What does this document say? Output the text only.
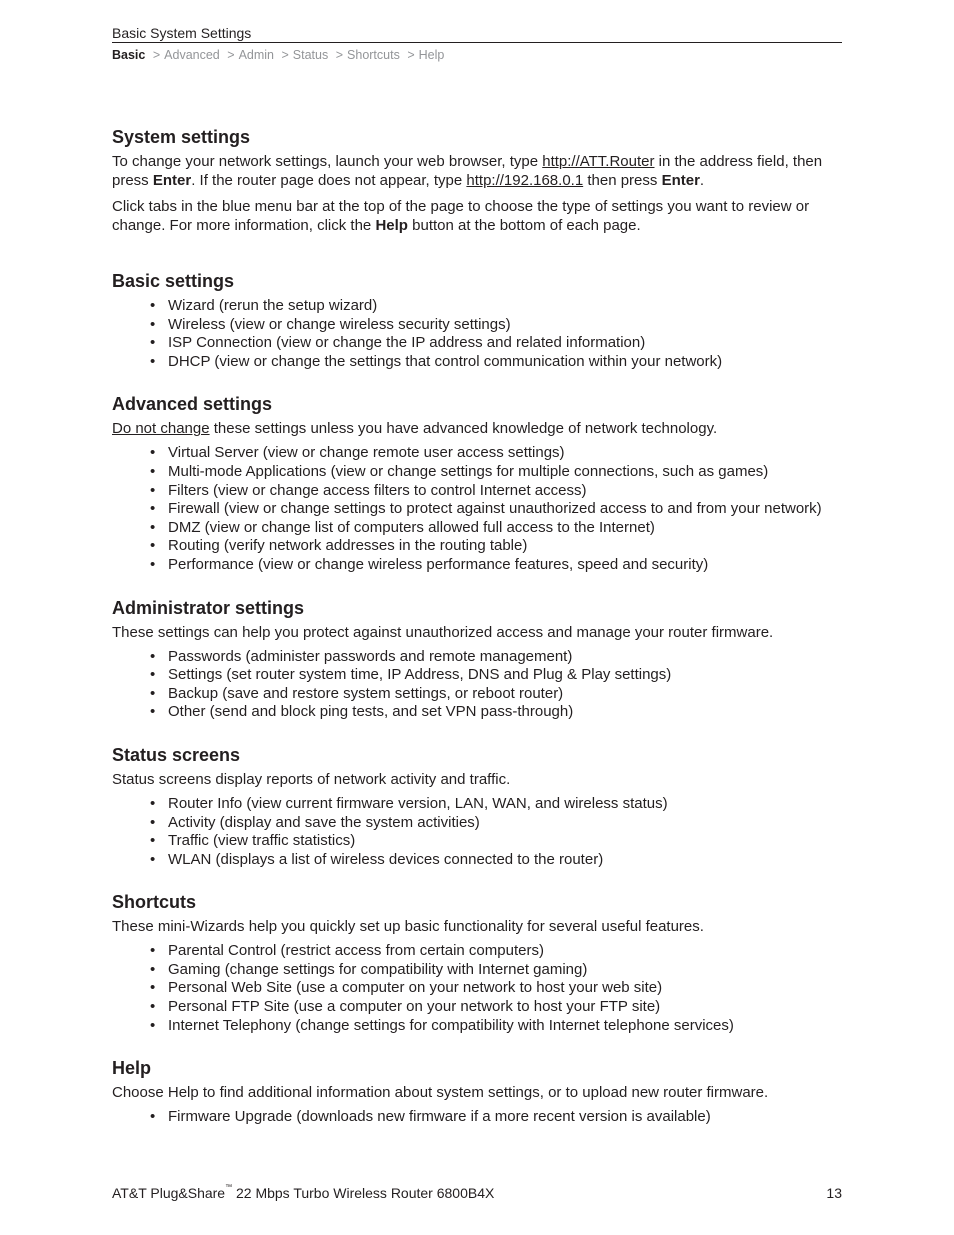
Basic System Settings
Basic > Advanced > Admin > Status > Shortcuts > Help
System settings

To change your network settings, launch your web browser, type http://ATT.Router in the address field, then press Enter. If the router page does not appear, type http://192.168.0.1 then press Enter.

Click tabs in the blue menu bar at the top of the page to choose the type of settings you want to review or change. For more information, click the Help button at the bottom of each page.

Basic settings
• Wizard (rerun the setup wizard)
• Wireless (view or change wireless security settings)
• ISP Connection (view or change the IP address and related information)
• DHCP (view or change the settings that control communication within your network)
Advanced settings

Do not change these settings unless you have advanced knowledge of network technology.

• Virtual Server (view or change remote user access settings)
• Multi-mode Applications (view or change settings for multiple connections, such as games)
• Filters (view or change access filters to control Internet access)
• Firewall (view or change settings to protect against unauthorized access to and from your network)
• DMZ (view or change list of computers allowed full access to the Internet)
• Routing (verify network addresses in the routing table)
• Performance (view or change wireless performance features, speed and security)
Administrator settings

These settings can help you protect against unauthorized access and manage your router firmware.

• Passwords (administer passwords and remote management)
• Settings (set router system time, IP Address, DNS and Plug & Play settings)
• Backup (save and restore system settings, or reboot router)
• Other (send and block ping tests, and set VPN pass-through)
Status screens

Status screens display reports of network activity and traffic.

• Router Info (view current firmware version, LAN, WAN, and wireless status)
• Activity (display and save the system activities)
• Traffic (view traffic statistics)
• WLAN (displays a list of wireless devices connected to the router)
Shortcuts

These mini-Wizards help you quickly set up basic functionality for several useful features.

• Parental Control (restrict access from certain computers)
• Gaming (change settings for compatibility with Internet gaming)
• Personal Web Site (use a computer on your network to host your web site)
• Personal FTP Site (use a computer on your network to host your FTP site)
• Internet Telephony (change settings for compatibility with Internet telephone services)
Help

Choose Help to find additional information about system settings, or to upload new router firmware.

• Firmware Upgrade (downloads new firmware if a more recent version is available)
AT&T Plug&Share™ 22 Mbps Turbo Wireless Router 6800B4X	13
